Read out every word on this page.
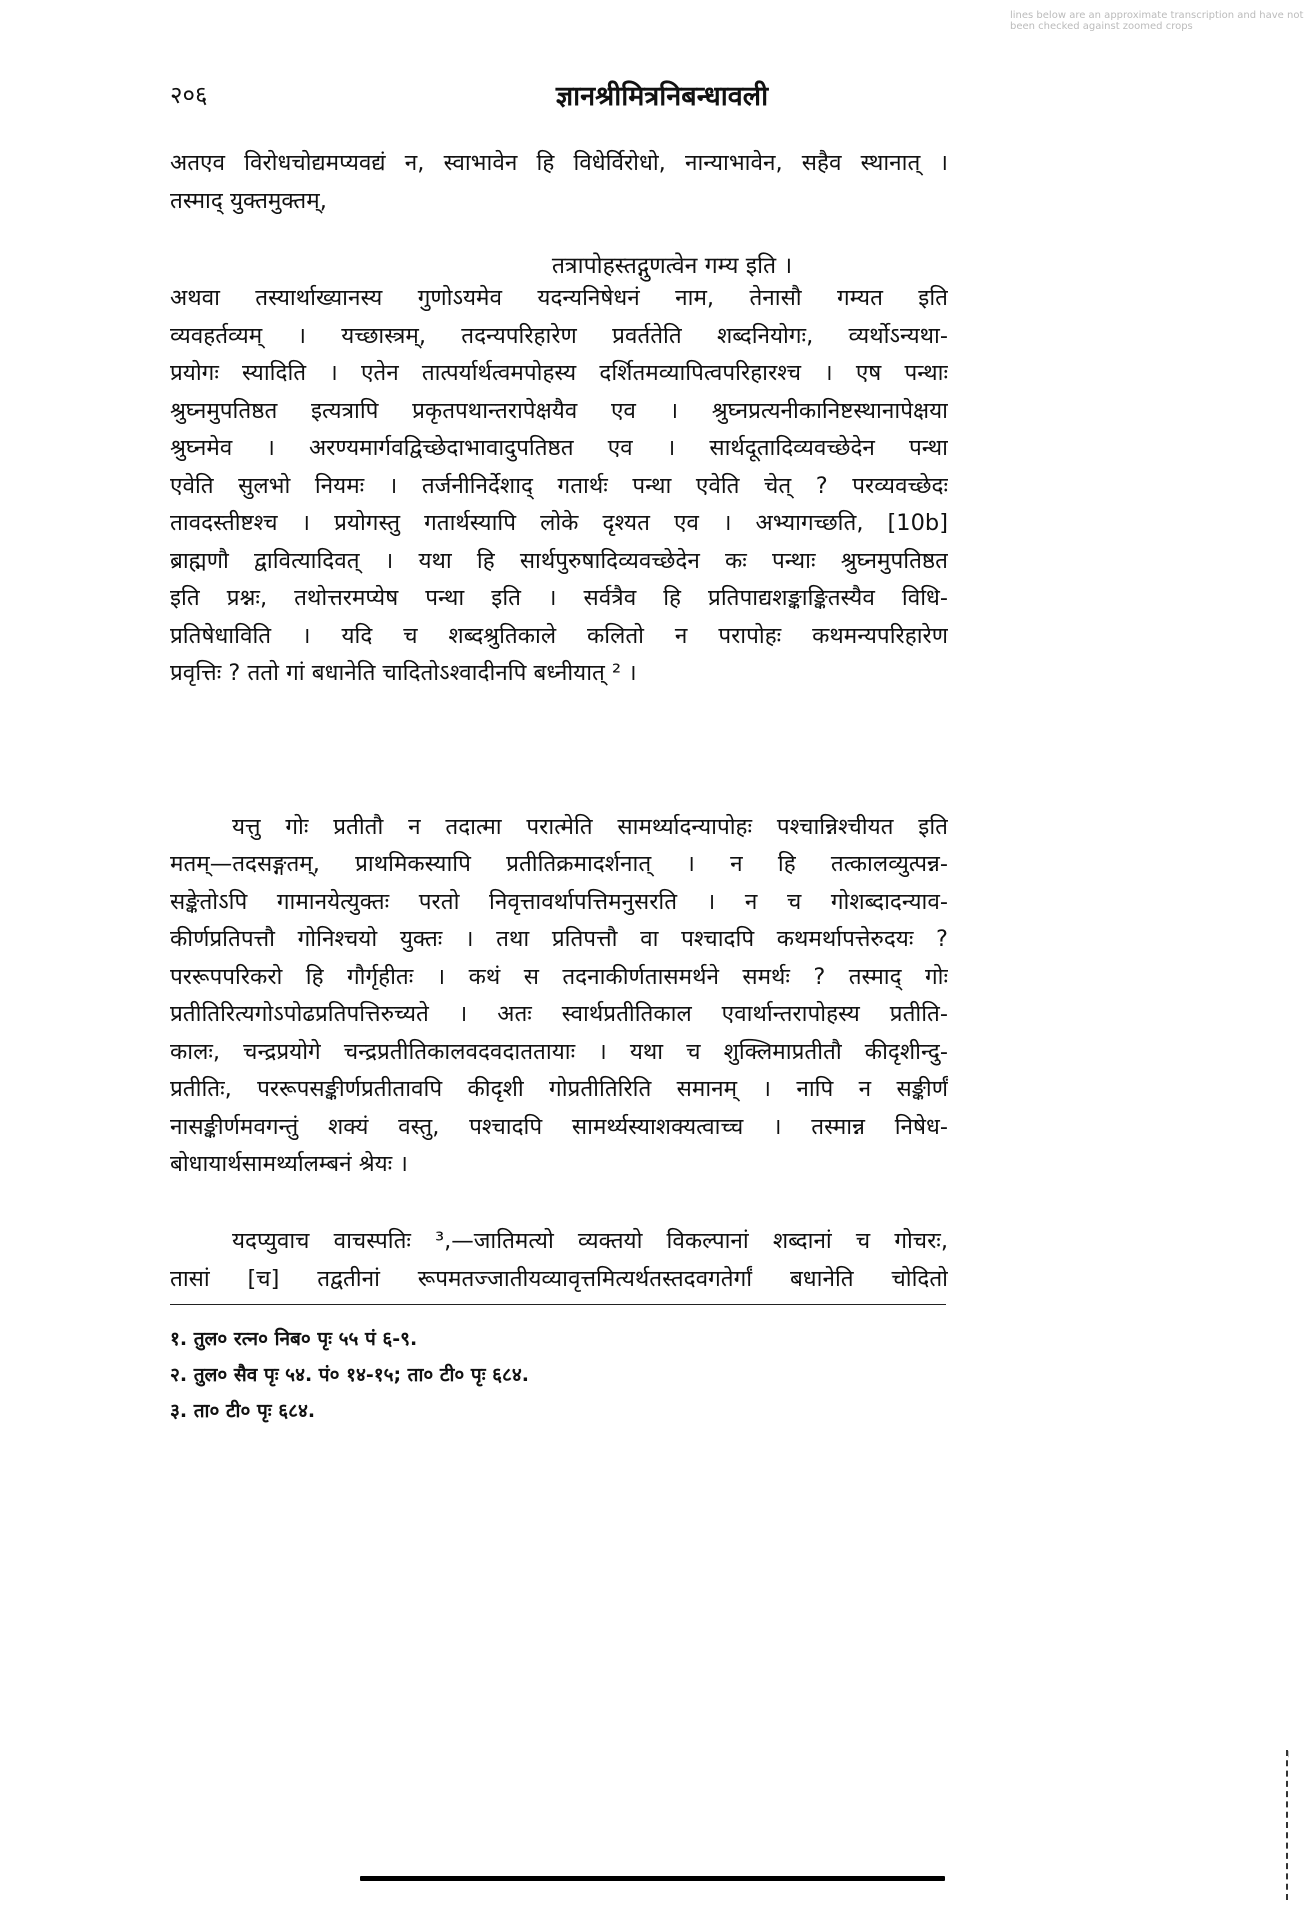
२०६	ज्ञानश्रीमित्रनिबन्धावली
अतएव विरोधचोद्यमप्यवद्यं न, स्वाभावेन हि विधेर्विरोधो, नान्याभावेन, सहैव स्थानात् ।
तस्माद् युक्तमुक्तम्,
तत्रापोहस्तद्गुणत्वेन गम्य इति ।
अथवा तस्यार्थाख्यानस्य गुणोऽयमेव यदन्यनिषेधनं नाम, तेनासौ गम्यत इति
व्यवहर्तव्यम् । यच्छास्त्रम्, तदन्यपरिहारेण प्रवर्ततेति शब्दनियोगः, व्यर्थोऽन्यथा-
प्रयोगः स्यादिति । एतेन तात्पर्यार्थत्वमपोहस्य दर्शितमव्यापित्वपरिहारश्च । एष पन्थाः
श्रुघ्नमुपतिष्ठत इत्यत्रापि प्रकृतपथान्तरापेक्षयैव एव । श्रुघ्नप्रत्यनीकानिष्टस्थानापेक्षया
श्रुघ्नमेव । अरण्यमार्गवद्विच्छेदाभावादुपतिष्ठत एव । सार्थदूतादिव्यवच्छेदेन पन्था
एवेति सुलभो नियमः । तर्जनीनिर्देशाद् गतार्थः पन्था एवेति चेत् ? परव्यवच्छेदः
तावदस्तीष्टश्च । प्रयोगस्तु गतार्थस्यापि लोके दृश्यत एव । अभ्यागच्छति, [10b]
ब्राह्मणौ द्वावित्यादिवत् । यथा हि सार्थपुरुषादिव्यवच्छेदेन कः पन्थाः श्रुघ्नमुपतिष्ठत
इति प्रश्नः, तथोत्तरमप्येष पन्था इति । सर्वत्रैव हि प्रतिपाद्यशङ्काङ्कितस्यैव विधि-
प्रतिषेधाविति । यदि च शब्दश्रुतिकाले कलितो न परापोहः कथमन्यपरिहारेण
प्रवृत्तिः ? ततो गां बधानेति चादितोऽश्वादीनपि बध्नीयात् ² ।
lines below are an approximate transcription and have not been checked against zoomed crops
यत्तु गोः प्रतीतौ न तदात्मा परात्मेति सामर्थ्यादन्यापोहः पश्चान्निश्चीयत इति
मतम्—तदसङ्गतम्, प्राथमिकस्यापि प्रतीतिक्रमादर्शनात् । न हि तत्कालव्युत्पन्न-
सङ्केतोऽपि गामानयेत्युक्तः परतो निवृत्तावर्थापत्तिमनुसरति । न च गोशब्दादन्याव-
कीर्णप्रतिपत्तौ गोनिश्चयो युक्तः । तथा प्रतिपत्तौ वा पश्चादपि कथमर्थापत्तेरुदयः ?
पररूपपरिकरो हि गौर्गृहीतः । कथं स तदनाकीर्णतासमर्थने समर्थः ? तस्माद् गोः
प्रतीतिरित्यगोऽपोढप्रतिपत्तिरुच्यते । अतः स्वार्थप्रतीतिकाल एवार्थान्तरापोहस्य प्रतीति-
कालः, चन्द्रप्रयोगे चन्द्रप्रतीतिकालवदवदाततायाः । यथा च शुक्लिमाप्रतीतौ कीदृशीन्दु-
प्रतीतिः, पररूपसङ्कीर्णप्रतीतावपि कीदृशी गोप्रतीतिरिति समानम् । नापि न सङ्कीर्णं
नासङ्कीर्णमवगन्तुं शक्यं वस्तु, पश्चादपि सामर्थ्यस्याशक्यत्वाच्च । तस्मान्न निषेध-
बोधायार्थसामर्थ्यालम्बनं श्रेयः ।
यदप्युवाच वाचस्पतिः ³,—जातिमत्यो व्यक्तयो विकल्पानां शब्दानां च गोचरः,
तासां [च] तद्वतीनां रूपमतज्जातीयव्यावृत्तमित्यर्थतस्तदवगतेर्गां बधानेति चोदितो
१. तुल० रत्न० निब० पृः ५५ पं ६-९.
२. तुल० सैव पृः ५४. पं० १४-१५; ता० टी० पृः ६८४.
३. ता० टी० पृः ६८४.
𝄀
